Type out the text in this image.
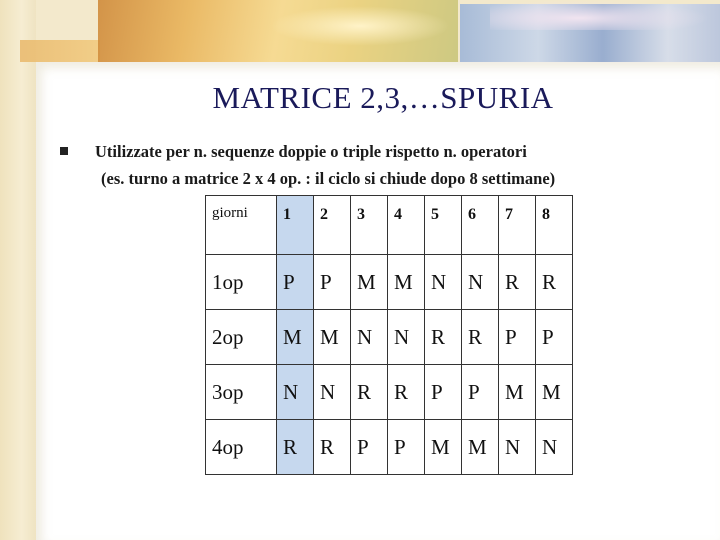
MATRICE 2,3,…SPURIA
Utilizzate per n. sequenze doppie o triple rispetto n. operatori
(es. turno a matrice 2 x 4 op. : il ciclo si chiude dopo 8 settimane)
giorni	1	2	3	4	5	6	7	8
1op	P	P	M	M	N	N	R	R
2op	M	M	N	N	R	R	P	P
3op	N	N	R	R	P	P	M	M
4op	R	R	P	P	M	M	N	N
